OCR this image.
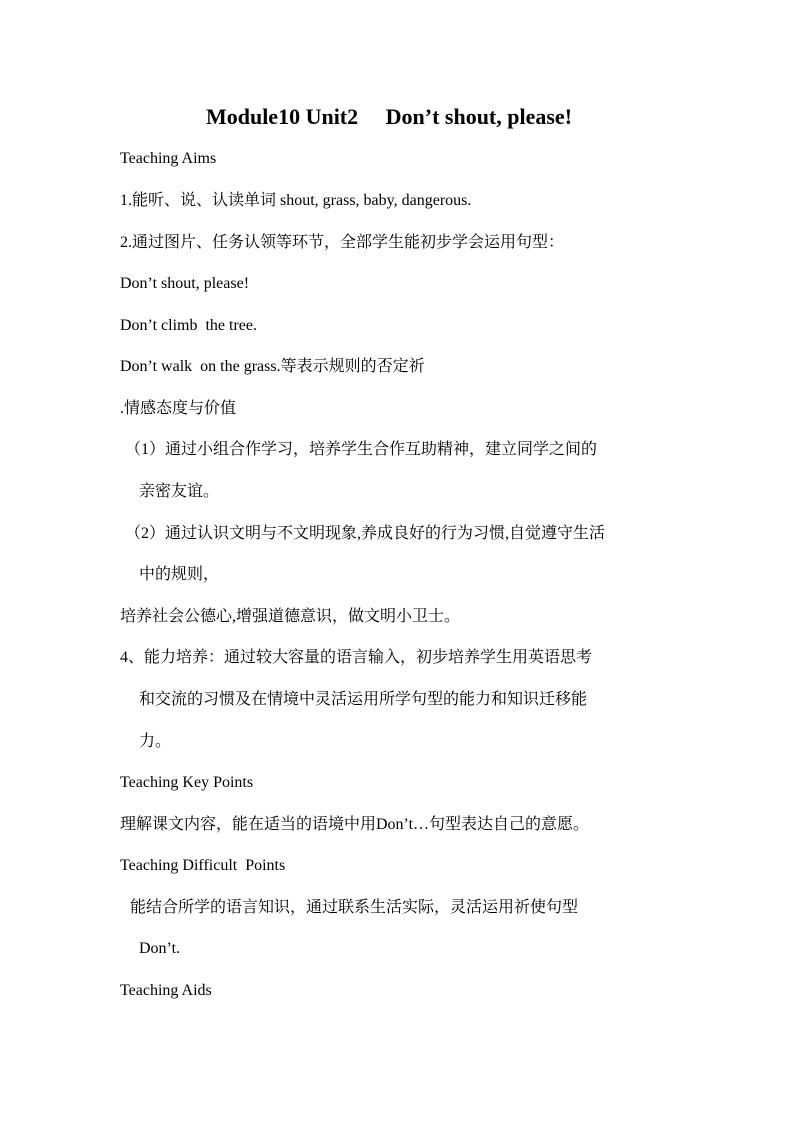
Module10 Unit2     Don’t shout, please!
Teaching Aims
1.能听、说、认读单词 shout, grass, baby, dangerous.
2.通过图片、任务认领等环节，全部学生能初步学会运用句型：
Don’t shout, please!
Don’t climb  the tree.
Don’t walk  on the grass.等表示规则的否定祈
.情感态度与价值
（1）通过小组合作学习，培养学生合作互助精神，建立同学之间的
亲密友谊。
（2）通过认识文明与不文明现象,养成良好的行为习惯,自觉遵守生活
中的规则，
培养社会公德心,增强道德意识，做文明小卫士。
4、能力培养：通过较大容量的语言输入，初步培养学生用英语思考
和交流的习惯及在情境中灵活运用所学句型的能力和知识迁移能
力。
Teaching Key Points
理解课文内容，能在适当的语境中用Don’t…句型表达自己的意愿。
Teaching Difficult  Points
能结合所学的语言知识，通过联系生活实际，灵活运用祈使句型
Don’t.
Teaching Aids
